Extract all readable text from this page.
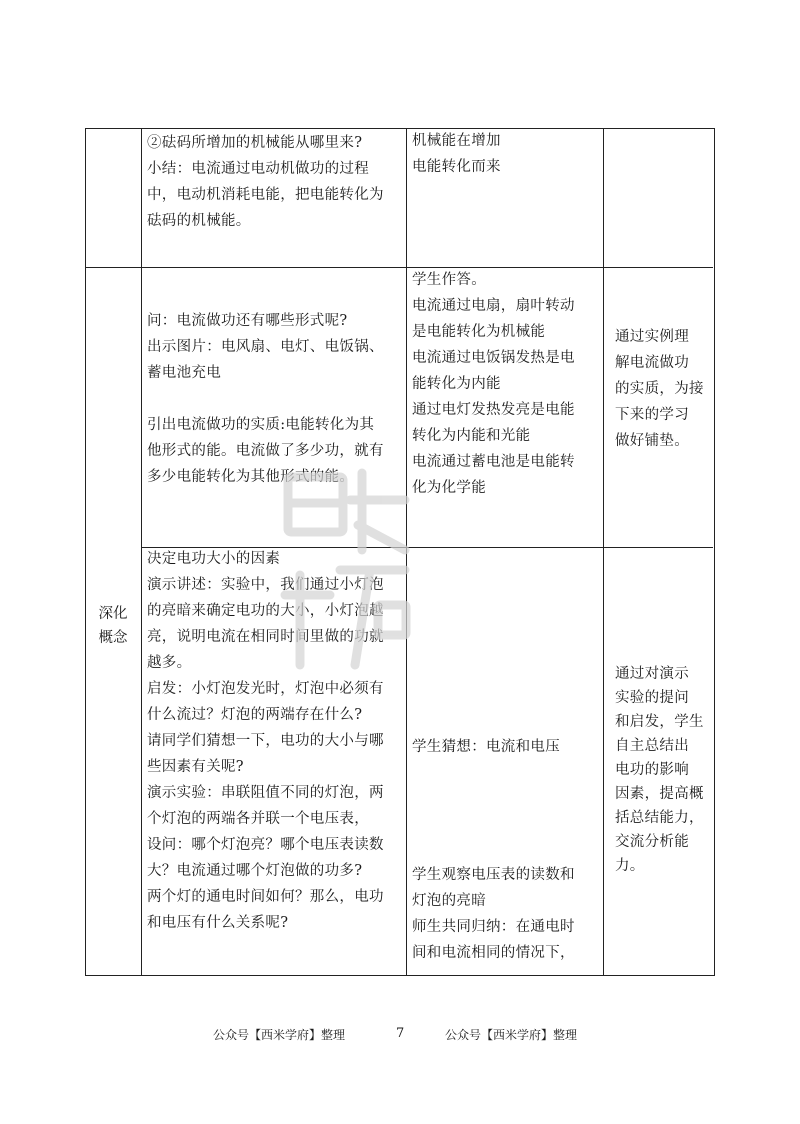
②砝码所增加的机械能从哪里来?

小结：电流通过电动机做功的过程

中，电动机消耗电能，把电能转化为

砝码的机械能。

机械能在增加

电能转化而来

问：电流做功还有哪些形式呢?

出示图片：电风扇、电灯、电饭锅、

蓄电池充电

引出电流做功的实质:电能转化为其

他形式的能。电流做了多少功，就有

多少电能转化为其他形式的能。

学生作答。

电流通过电扇，扇叶转动

是电能转化为机械能

电流通过电饭锅发热是电

能转化为内能

通过电灯发热发亮是电能

转化为内能和光能

电流通过蓄电池是电能转

化为化学能

通过实例理

解电流做功

的实质，为接

下来的学习

做好铺垫。

深化
概念

决定电功大小的因素

演示讲述：实验中，我们通过小灯泡

的亮暗来确定电功的大小，小灯泡越

亮，说明电流在相同时间里做的功就

越多。

启发：小灯泡发光时，灯泡中必须有

什么流过？灯泡的两端存在什么?

请同学们猜想一下，电功的大小与哪

些因素有关呢?

演示实验：串联阻值不同的灯泡，两

个灯泡的两端各并联一个电压表，

设问：哪个灯泡亮？哪个电压表读数

大？电流通过哪个灯泡做的功多?

两个灯的通电时间如何？那么，电功

和电压有什么关系呢?

学生猜想：电流和电压

学生观察电压表的读数和

灯泡的亮暗

师生共同归纳：在通电时

间和电流相同的情况下，

通过对演示

实验的提问

和启发，学生

自主总结出

电功的影响

因素，提高概

括总结能力，

交流分析能

力。

公众号【西米学府】整理	7	公众号【西米学府】整理
